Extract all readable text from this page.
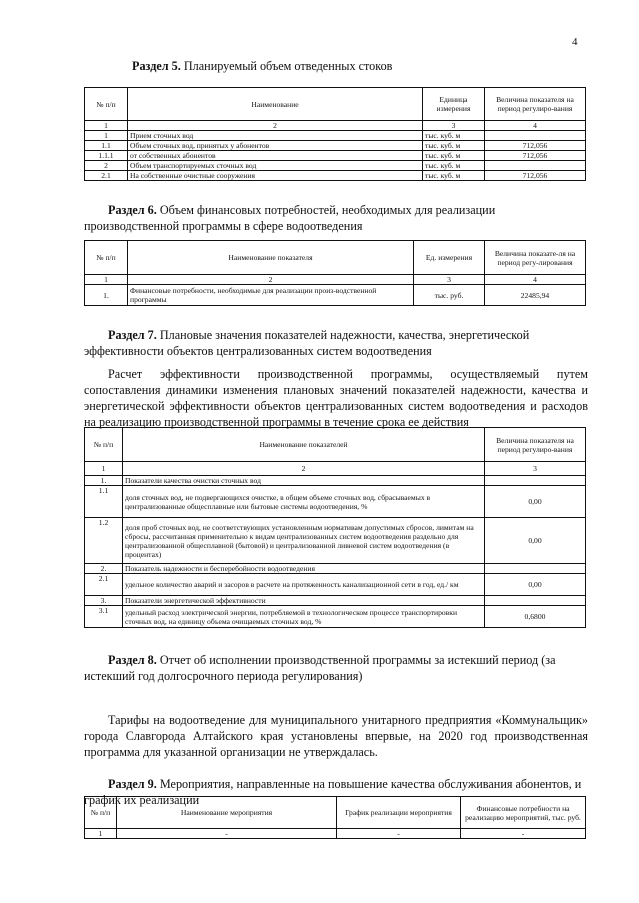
4
Раздел 5. Планируемый объем отведенных стоков
№ п/п	Наименование	Единица измерения	Величина показателя на период регулиро-вания
1	2	3	4
1	Прием сточных вод	тыс. куб. м	
1.1	Объем сточных вод, принятых у абонентов	тыс. куб. м	712,056
1.1.1	от собственных абонентов	тыс. куб. м	712,056
2	Объем транспортируемых сточных вод	тыс. куб. м	
2.1	На собственные очистные сооружения	тыс. куб. м	712,056
Раздел 6. Объем финансовых потребностей, необходимых для реализации производственной программы в сфере водоотведения
№ п/п	Наименование показателя	Ед. измерения	Величина показате-ля на период регу-лирования
1	2	3	4
1.	Финансовые потребности, необходимые для реализации произ-водственной программы	тыс. руб.	22485,94
Раздел 7. Плановые значения показателей надежности, качества, энергетической эффективности объектов централизованных систем водоотведения
Расчет эффективности производственной программы, осуществляемый путем сопоставления динамики изменения плановых значений показателей надежности, качества и энергетической эффективности объектов централизованных систем водоотведения и расходов на реализацию производственной программы в течение срока ее действия
№ п/п	Наименование показателей	Величина показателя на период регулиро-вания
1	2	3
1.	Показатели качества очистки сточных вод	
1.1	доля сточных вод, не подвергающихся очистке, в общем объеме сточных вод, сбрасываемых в централизованные общесплавные или бытовые системы водоотведения, %	0,00
1.2	доля проб сточных вод, не соответствующих установленным нормативам допустимых сбросов, лимитам на сбросы, рассчитанная применительно к видам централизованных систем водоотведения раздельно для централизованной общесплавной (бытовой) и централизованной ливневой систем водоотведения (в процентах)	0,00
2.	Показатель надежности и бесперебойности водоотведения	
2.1	удельное количество аварий и засоров в расчете на протяженность канализационной сети в год, ед./ км	0,00
3.	Показатели энергетической эффективности	
3.1	удельный расход электрической энергии, потребляемой в технологическом процессе транспортировки сточных вод, на единицу объема очищаемых сточных вод, %	0,6800
Раздел 8. Отчет об исполнении производственной программы за истекший период (за истекший год долгосрочного периода регулирования)
Тарифы на водоотведение для муниципального унитарного предприятия «Коммунальщик» города Славгорода Алтайского края установлены впервые, на 2020 год производственная программа для указанной организации не утверждалась.
Раздел 9. Мероприятия, направленные на повышение качества обслуживания абонентов, и график их реализации
№ п/п	Наименование мероприятия	График реализации мероприятия	Финансовые потребности на реализацию мероприятий, тыс. руб.
1	-	-	-
